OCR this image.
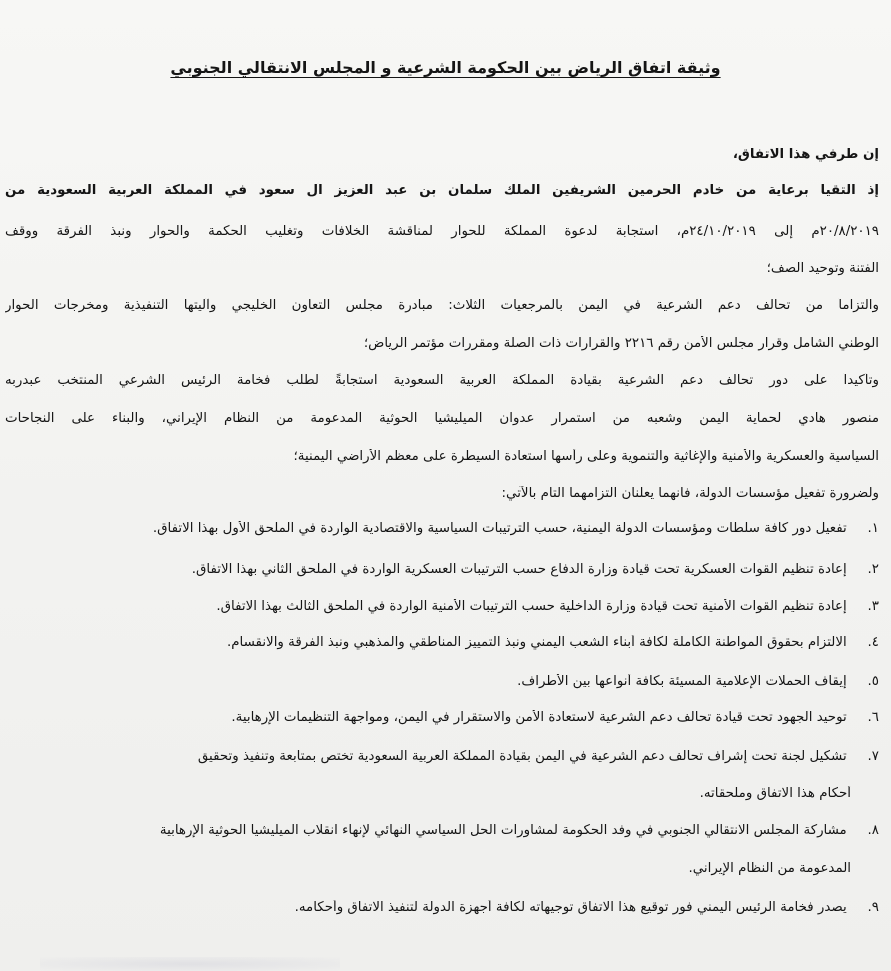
وثيقة اتفاق الرياض بين الحكومة الشرعية و المجلس الانتقالي الجنوبي
إن طرفي هذا الاتفاق،
إذ التقيا برعاية من خادم الحرمين الشريفين الملك سلمان بن عبد العزيز آل سعود في المملكة العربية السعودية من
٢٠/٨/٢٠١٩م إلى ٢٤/١٠/٢٠١٩م، استجابة لدعوة المملكة للحوار لمناقشة الخلافات وتغليب الحكمة والحوار ونبذ الفرقة ووقف
الفتنة وتوحيد الصف؛
والتزاماً من تحالف دعم الشرعية في اليمن بالمرجعيات الثلاث: مبادرة مجلس التعاون الخليجي وآليتها التنفيذية ومخرجات الحوار
الوطني الشامل وقرار مجلس الأمن رقم ٢٢١٦ والقرارات ذات الصلة ومقررات مؤتمر الرياض؛
وتأكيداً على دور تحالف دعم الشرعية بقيادة المملكة العربية السعودية استجابةً لطلب فخامة الرئيس الشرعي المنتخب عبدربه
منصور هادي لحماية اليمن وشعبه من استمرار عدوان الميليشيا الحوثية المدعومة من النظام الإيراني، والبناء على النجاحات
السياسية والعسكرية والأمنية والإغاثية والتنموية وعلى رأسها استعادة السيطرة على معظم الأراضي اليمنية؛
ولضرورة تفعيل مؤسسات الدولة، فانهما يعلنان التزامهما التام بالآتي:
١. تفعيل دور كافة سلطات ومؤسسات الدولة اليمنية، حسب الترتيبات السياسية والاقتصادية الواردة في الملحق الأول بهذا الاتفاق.
٢. إعادة تنظيم القوات العسكرية تحت قيادة وزارة الدفاع حسب الترتيبات العسكرية الواردة في الملحق الثاني بهذا الاتفاق.
٣. إعادة تنظيم القوات الأمنية تحت قيادة وزارة الداخلية حسب الترتيبات الأمنية الواردة في الملحق الثالث بهذا الاتفاق.
٤. الالتزام بحقوق المواطنة الكاملة لكافة أبناء الشعب اليمني ونبذ التمييز المناطقي والمذهبي ونبذ الفرقة والانقسام.
٥. إيقاف الحملات الإعلامية المسيئة بكافة أنواعها بين الأطراف.
٦. توحيد الجهود تحت قيادة تحالف دعم الشرعية لاستعادة الأمن والاستقرار في اليمن، ومواجهة التنظيمات الإرهابية.
٧. تشكيل لجنة تحت إشراف تحالف دعم الشرعية في اليمن بقيادة المملكة العربية السعودية تختص بمتابعة وتنفيذ وتحقيق
أحكام هذا الاتفاق وملحقاته.
٨. مشاركة المجلس الانتقالي الجنوبي في وفد الحكومة لمشاورات الحل السياسي النهائي لإنهاء انقلاب الميليشيا الحوثية الإرهابية
المدعومة من النظام الإيراني.
٩. يصدر فخامة الرئيس اليمني فور توقيع هذا الاتفاق توجيهاته لكافة أجهزة الدولة لتنفيذ الاتفاق وأحكامه.
